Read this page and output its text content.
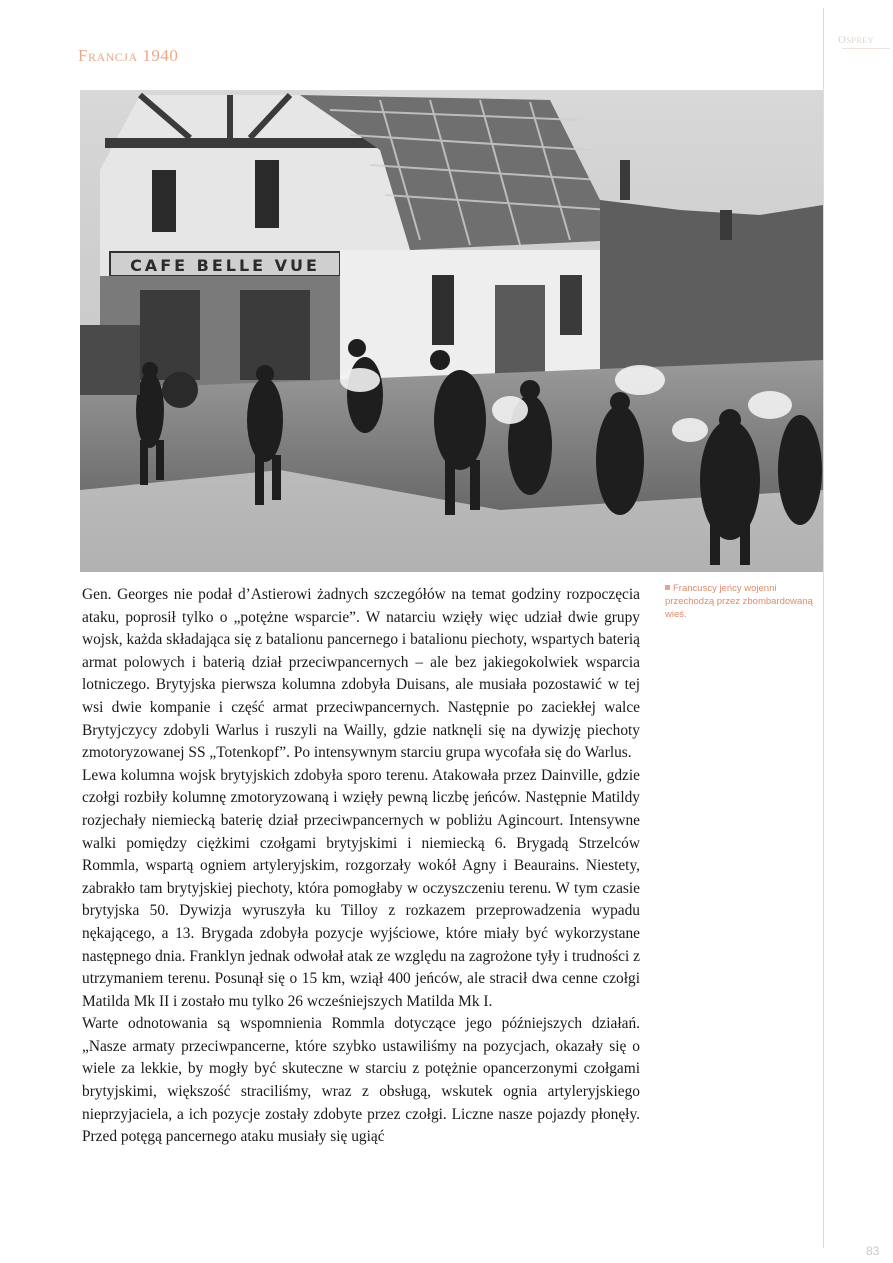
Francja 1940
Osprey
CAFE BELLE VUE
Francuscy jeńcy wojenni przechodzą przez zbombardowaną wieś.

Gen. Georges nie podał d’Astierowi żadnych szczegółów na temat godziny rozpoczęcia ataku, poprosił tylko o „potężne wsparcie”. W natarciu wzięły więc udział dwie grupy wojsk, każda składająca się z batalionu pancernego i batalionu piechoty, wspartych baterią armat polowych i baterią dział przeciwpancernych – ale bez jakiegokolwiek wsparcia lotniczego. Brytyjska pierwsza kolumna zdobyła Duisans, ale musiała pozostawić w tej wsi dwie kompanie i część armat przeciwpancernych. Następnie po zaciekłej walce Brytyjczycy zdobyli Warlus i ruszyli na Wailly, gdzie natknęli się na dywizję piechoty zmotoryzowanej SS „Totenkopf”. Po intensywnym starciu grupa wycofała się do Warlus.

Lewa kolumna wojsk brytyjskich zdobyła sporo terenu. Atakowała przez Dainville, gdzie czołgi rozbiły kolumnę zmotoryzowaną i wzięły pewną liczbę jeńców. Następnie Matildy rozjechały niemiecką baterię dział przeciwpancernych w pobliżu Agincourt. Intensywne walki pomiędzy ciężkimi czołgami brytyjskimi i niemiecką 6. Brygadą Strzelców Rommla, wspartą ogniem artyleryjskim, rozgorzały wokół Agny i Beaurains. Niestety, zabrakło tam brytyjskiej piechoty, która pomogłaby w oczyszczeniu terenu. W tym czasie brytyjska 50. Dywizja wyruszyła ku Tilloy z rozkazem przeprowadzenia wypadu nękającego, a 13. Brygada zdobyła pozycje wyjściowe, które miały być wykorzystane następnego dnia. Franklyn jednak odwołał atak ze względu na zagrożone tyły i trudności z utrzymaniem terenu. Posunął się o 15 km, wziął 400 jeńców, ale stracił dwa cenne czołgi Matilda Mk II i zostało mu tylko 26 wcześniejszych Matilda Mk I.

Warte odnotowania są wspomnienia Rommla dotyczące jego późniejszych działań. „Nasze armaty przeciwpancerne, które szybko ustawiliśmy na pozycjach, okazały się o wiele za lekkie, by mogły być skuteczne w starciu z potężnie opancerzonymi czołgami brytyjskimi, większość straciliśmy, wraz z obsługą, wskutek ognia artyleryjskiego nieprzyjaciela, a ich pozycje zostały zdobyte przez czołgi. Liczne nasze pojazdy płonęły. Przed potęgą pancernego ataku musiały się ugiąć

83
